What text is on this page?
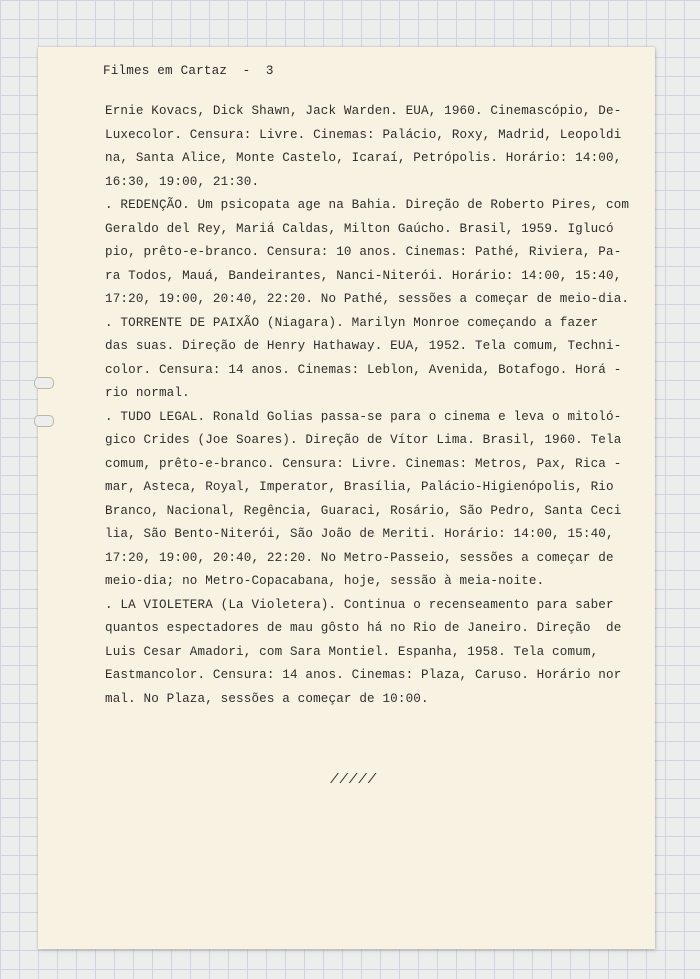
Filmes em Cartaz  -  3
Ernie Kovacs, Dick Shawn, Jack Warden. EUA, 1960. Cinemascópio, De-
Luxecolor. Censura: Livre. Cinemas: Palácio, Roxy, Madrid, Leopoldi
na, Santa Alice, Monte Castelo, Icaraí, Petrópolis. Horário: 14:00,
16:30, 19:00, 21:30.
. REDENÇÃO. Um psicopata age na Bahia. Direção de Roberto Pires, com
Geraldo del Rey, Mariá Caldas, Milton Gaúcho. Brasil, 1959. Iglucó
pio, prêto-e-branco. Censura: 10 anos. Cinemas: Pathé, Riviera, Pa-
ra Todos, Mauá, Bandeirantes, Nanci-Niterói. Horário: 14:00, 15:40,
17:20, 19:00, 20:40, 22:20. No Pathé, sessões a começar de meio-dia.
. TORRENTE DE PAIXÃO (Niagara). Marilyn Monroe começando a fazer
das suas. Direção de Henry Hathaway. EUA, 1952. Tela comum, Techni-
color. Censura: 14 anos. Cinemas: Leblon, Avenida, Botafogo. Horá -
rio normal.
. TUDO LEGAL. Ronald Golias passa-se para o cinema e leva o mitoló-
gico Crides (Joe Soares). Direção de Vítor Lima. Brasil, 1960. Tela
comum, prêto-e-branco. Censura: Livre. Cinemas: Metros, Pax, Rica -
mar, Asteca, Royal, Imperator, Brasília, Palácio-Higienópolis, Rio
Branco, Nacional, Regência, Guaraci, Rosário, São Pedro, Santa Ceci
lia, São Bento-Niterói, São João de Meriti. Horário: 14:00, 15:40,
17:20, 19:00, 20:40, 22:20. No Metro-Passeio, sessões a começar de
meio-dia; no Metro-Copacabana, hoje, sessão à meia-noite.
. LA VIOLETERA (La Violetera). Continua o recenseamento para saber
quantos espectadores de mau gôsto há no Rio de Janeiro. Direção  de
Luis Cesar Amadori, com Sara Montiel. Espanha, 1958. Tela comum,
Eastmancolor. Censura: 14 anos. Cinemas: Plaza, Caruso. Horário nor
mal. No Plaza, sessões a começar de 10:00.
/////
